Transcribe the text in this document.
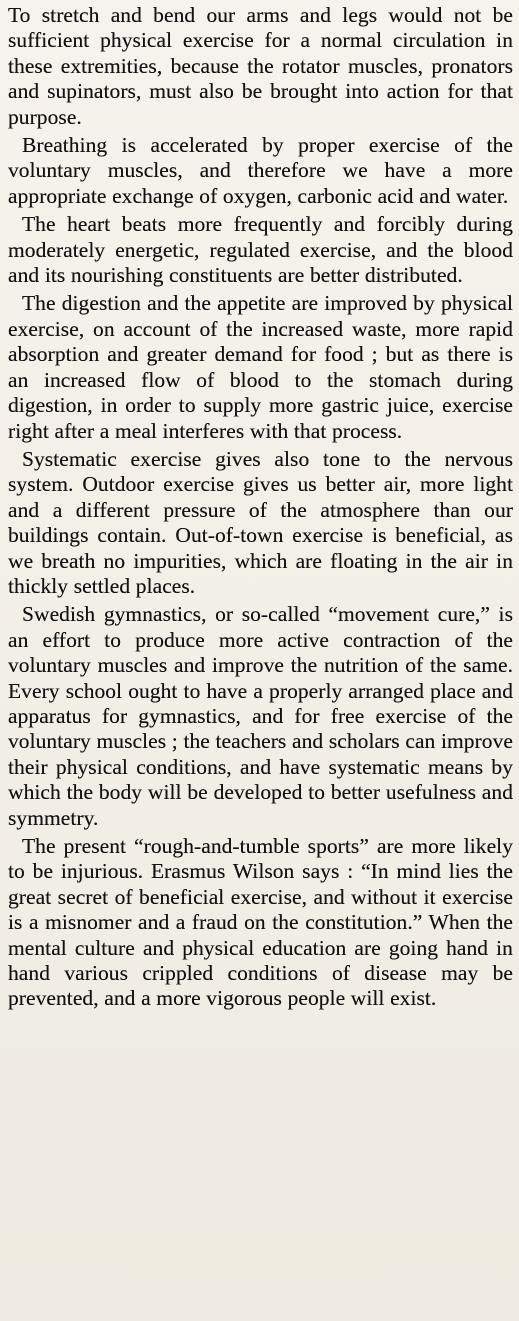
To stretch and bend our arms and legs would not be sufficient physical exercise for a normal circulation in these extremities, because the rotator muscles, pronators and supinators, must also be brought into action for that purpose.

Breathing is accelerated by proper exercise of the voluntary muscles, and therefore we have a more appropriate exchange of oxygen, carbonic acid and water.

The heart beats more frequently and forcibly during moderately energetic, regulated exercise, and the blood and its nourishing constituents are better distributed.

The digestion and the appetite are improved by physical exercise, on account of the increased waste, more rapid absorption and greater demand for food ; but as there is an increased flow of blood to the stomach during digestion, in order to supply more gastric juice, exercise right after a meal interferes with that process.

Systematic exercise gives also tone to the nervous system. Outdoor exercise gives us better air, more light and a different pressure of the atmosphere than our buildings contain. Out-of-town exercise is beneficial, as we breath no impurities, which are floating in the air in thickly settled places.

Swedish gymnastics, or so-called “movement cure,” is an effort to produce more active contraction of the voluntary muscles and improve the nutrition of the same. Every school ought to have a properly arranged place and apparatus for gymnastics, and for free exercise of the voluntary muscles ; the teachers and scholars can improve their physical conditions, and have systematic means by which the body will be developed to better usefulness and symmetry.

The present “rough-and-tumble sports” are more likely to be injurious. Erasmus Wilson says : “In mind lies the great secret of beneficial exercise, and without it exercise is a misnomer and a fraud on the constitution.” When the mental culture and physical education are going hand in hand various crippled conditions of disease may be prevented, and a more vigorous people will exist.
